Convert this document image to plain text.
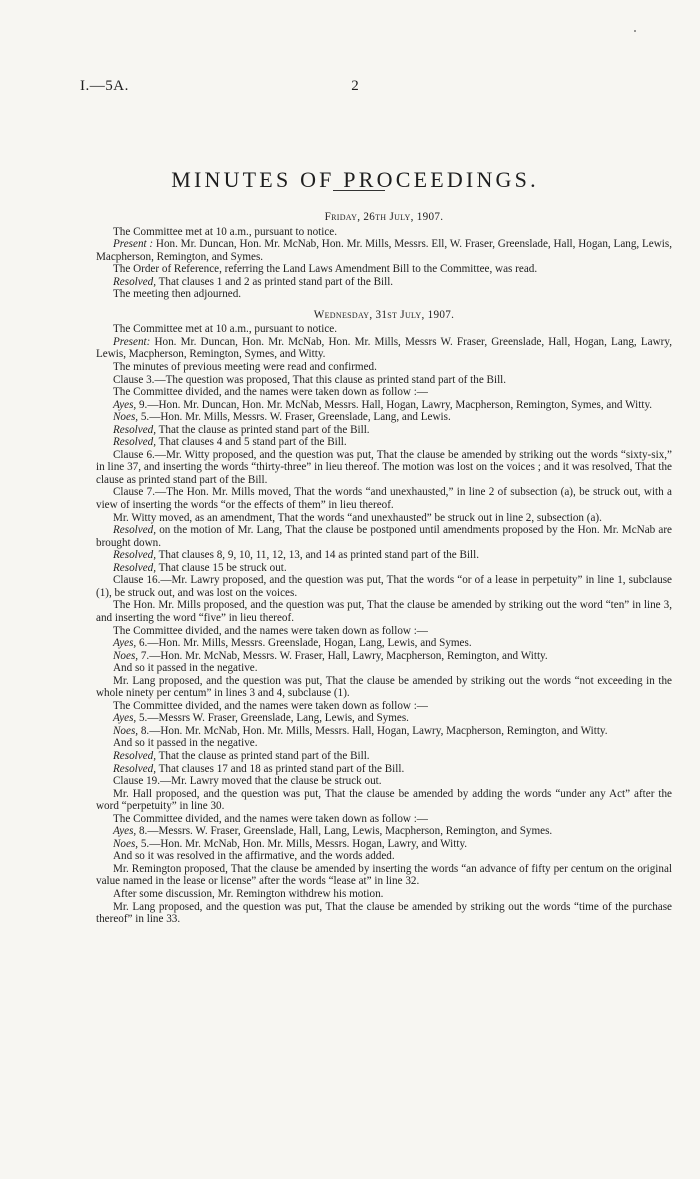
I.—5A.	2
MINUTES OF PROCEEDINGS.
Friday, 26th July, 1907.

The Committee met at 10 a.m., pursuant to notice.

Present : Hon. Mr. Duncan, Hon. Mr. McNab, Hon. Mr. Mills, Messrs. Ell, W. Fraser, Greenslade, Hall, Hogan, Lang, Lewis, Macpherson, Remington, and Symes.

The Order of Reference, referring the Land Laws Amendment Bill to the Committee, was read.

Resolved, That clauses 1 and 2 as printed stand part of the Bill.

The meeting then adjourned.

Wednesday, 31st July, 1907.

The Committee met at 10 a.m., pursuant to notice.

Present: Hon. Mr. Duncan, Hon. Mr. McNab, Hon. Mr. Mills, Messrs W. Fraser, Greenslade, Hall, Hogan, Lang, Lawry, Lewis, Macpherson, Remington, Symes, and Witty.

The minutes of previous meeting were read and confirmed.

Clause 3.—The question was proposed, That this clause as printed stand part of the Bill.

The Committee divided, and the names were taken down as follow :—

Ayes, 9.—Hon. Mr. Duncan, Hon. Mr. McNab, Messrs. Hall, Hogan, Lawry, Macpherson, Remington, Symes, and Witty.

Noes, 5.—Hon. Mr. Mills, Messrs. W. Fraser, Greenslade, Lang, and Lewis.

Resolved, That the clause as printed stand part of the Bill.

Resolved, That clauses 4 and 5 stand part of the Bill.

Clause 6.—Mr. Witty proposed, and the question was put, That the clause be amended by striking out the words “sixty-six,” in line 37, and inserting the words “thirty-three” in lieu thereof. The motion was lost on the voices ; and it was resolved, That the clause as printed stand part of the Bill.

Clause 7.—The Hon. Mr. Mills moved, That the words “and unexhausted,” in line 2 of subsection (a), be struck out, with a view of inserting the words “or the effects of them” in lieu thereof.

Mr. Witty moved, as an amendment, That the words “and unexhausted” be struck out in line 2, subsection (a).

Resolved, on the motion of Mr. Lang, That the clause be postponed until amendments proposed by the Hon. Mr. McNab are brought down.

Resolved, That clauses 8, 9, 10, 11, 12, 13, and 14 as printed stand part of the Bill.

Resolved, That clause 15 be struck out.

Clause 16.—Mr. Lawry proposed, and the question was put, That the words “or of a lease in perpetuity” in line 1, subclause (1), be struck out, and was lost on the voices.

The Hon. Mr. Mills proposed, and the question was put, That the clause be amended by striking out the word “ten” in line 3, and inserting the word “five” in lieu thereof.

The Committee divided, and the names were taken down as follow :—

Ayes, 6.—Hon. Mr. Mills, Messrs. Greenslade, Hogan, Lang, Lewis, and Symes.

Noes, 7.—Hon. Mr. McNab, Messrs. W. Fraser, Hall, Lawry, Macpherson, Remington, and Witty.

And so it passed in the negative.

Mr. Lang proposed, and the question was put, That the clause be amended by striking out the words “not exceeding in the whole ninety per centum” in lines 3 and 4, subclause (1).

The Committee divided, and the names were taken down as follow :—

Ayes, 5.—Messrs W. Fraser, Greenslade, Lang, Lewis, and Symes.

Noes, 8.—Hon. Mr. McNab, Hon. Mr. Mills, Messrs. Hall, Hogan, Lawry, Macpherson, Remington, and Witty.

And so it passed in the negative.

Resolved, That the clause as printed stand part of the Bill.

Resolved, That clauses 17 and 18 as printed stand part of the Bill.

Clause 19.—Mr. Lawry moved that the clause be struck out.

Mr. Hall proposed, and the question was put, That the clause be amended by adding the words “under any Act” after the word “perpetuity” in line 30.

The Committee divided, and the names were taken down as follow :—

Ayes, 8.—Messrs. W. Fraser, Greenslade, Hall, Lang, Lewis, Macpherson, Remington, and Symes.

Noes, 5.—Hon. Mr. McNab, Hon. Mr. Mills, Messrs. Hogan, Lawry, and Witty.

And so it was resolved in the affirmative, and the words added.

Mr. Remington proposed, That the clause be amended by inserting the words “an advance of fifty per centum on the original value named in the lease or license” after the words “lease at” in line 32.

After some discussion, Mr. Remington withdrew his motion.

Mr. Lang proposed, and the question was put, That the clause be amended by striking out the words “time of the purchase thereof” in line 33.
